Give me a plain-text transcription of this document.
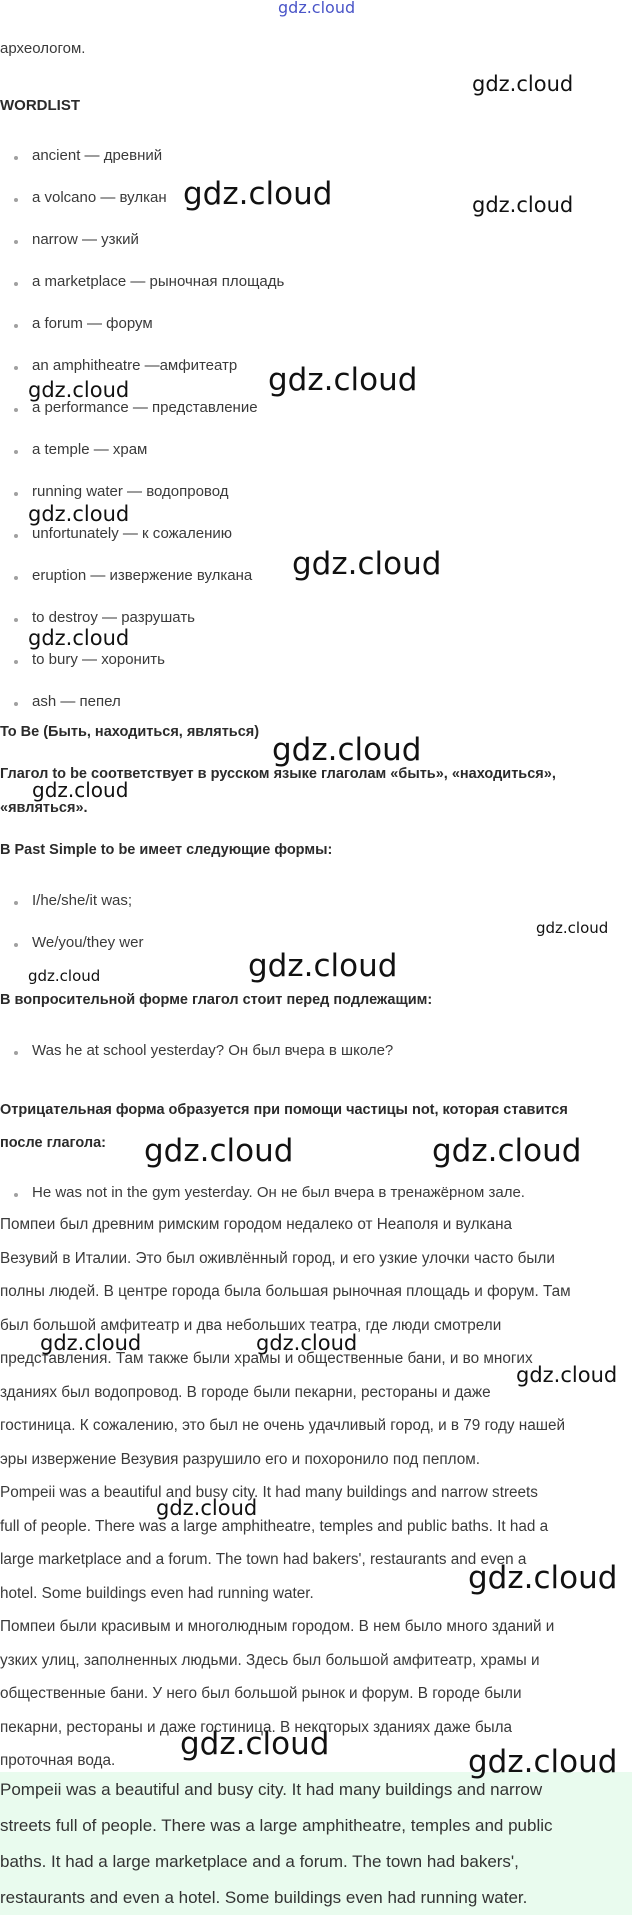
gdz.cloud
археологом.
WORDLIST
ancient — древний
a volcano — вулкан
narrow — узкий
a marketplace — рыночная площадь
a forum — форум
an amphitheatre —амфитеатр
a performance — представление
a temple — храм
running water — водопровод
unfortunately — к сожалению
eruption — извержение вулкана
to destroy — разрушать
to bury — хоронить
ash — пепел
To Be (Быть, находиться, являться)
Глагол to be соответствует в русском языке глаголам «быть», «находиться»,
«являться».
В Past Simple to be имеет следующие формы:
I/he/she/it was;
We/you/they wer
В вопросительной форме глагол стоит перед подлежащим:
Was he at school yesterday? Он был вчера в школе?
Отрицательная форма образуется при помощи частицы not, которая ставится
после глагола:
He was not in the gym yesterday. Он не был вчера в тренажёрном зале.
Помпеи был древним римским городом недалеко от Неаполя и вулкана
Везувий в Италии. Это был оживлённый город, и его узкие улочки часто были
полны людей. В центре города была большая рыночная площадь и форум. Там
был большой амфитеатр и два небольших театра, где люди смотрели
представления. Там также были храмы и общественные бани, и во многих
зданиях был водопровод. В городе были пекарни, рестораны и даже
гостиница. К сожалению, это был не очень удачливый город, и в 79 году нашей
эры извержение Везувия разрушило его и похоронило под пеплом.
Pompeii was a beautiful and busy city. It had many buildings and narrow streets
full of people. There was a large amphitheatre, temples and public baths. It had a
large marketplace and a forum. The town had bakers', restaurants and even a
hotel. Some buildings even had running water.
Помпеи были красивым и многолюдным городом. В нем было много зданий и
узких улиц, заполненных людьми. Здесь был большой амфитеатр, храмы и
общественные бани. У него был большой рынок и форум. В городе были
пекарни, рестораны и даже гостиница. В некоторых зданиях даже была
проточная вода.
Pompeii was a beautiful and busy city. It had many buildings and narrow
streets full of people. There was a large amphitheatre, temples and public
baths. It had a large marketplace and a forum. The town had bakers',
restaurants and even a hotel. Some buildings even had running water.
gdz.cloud
gdz.cloud	gdz.cloud
gdz.cloud
gdz.cloud
gdz.cloud
gdz.cloud
gdz.cloud
gdz.cloud
gdz.cloud
gdz.cloud
gdz.cloud
gdz.cloud
gdz.cloud	gdz.cloud
gdz.cloud	gdz.cloud
gdz.cloud
gdz.cloud
gdz.cloud
gdz.cloud	gdz.cloud
